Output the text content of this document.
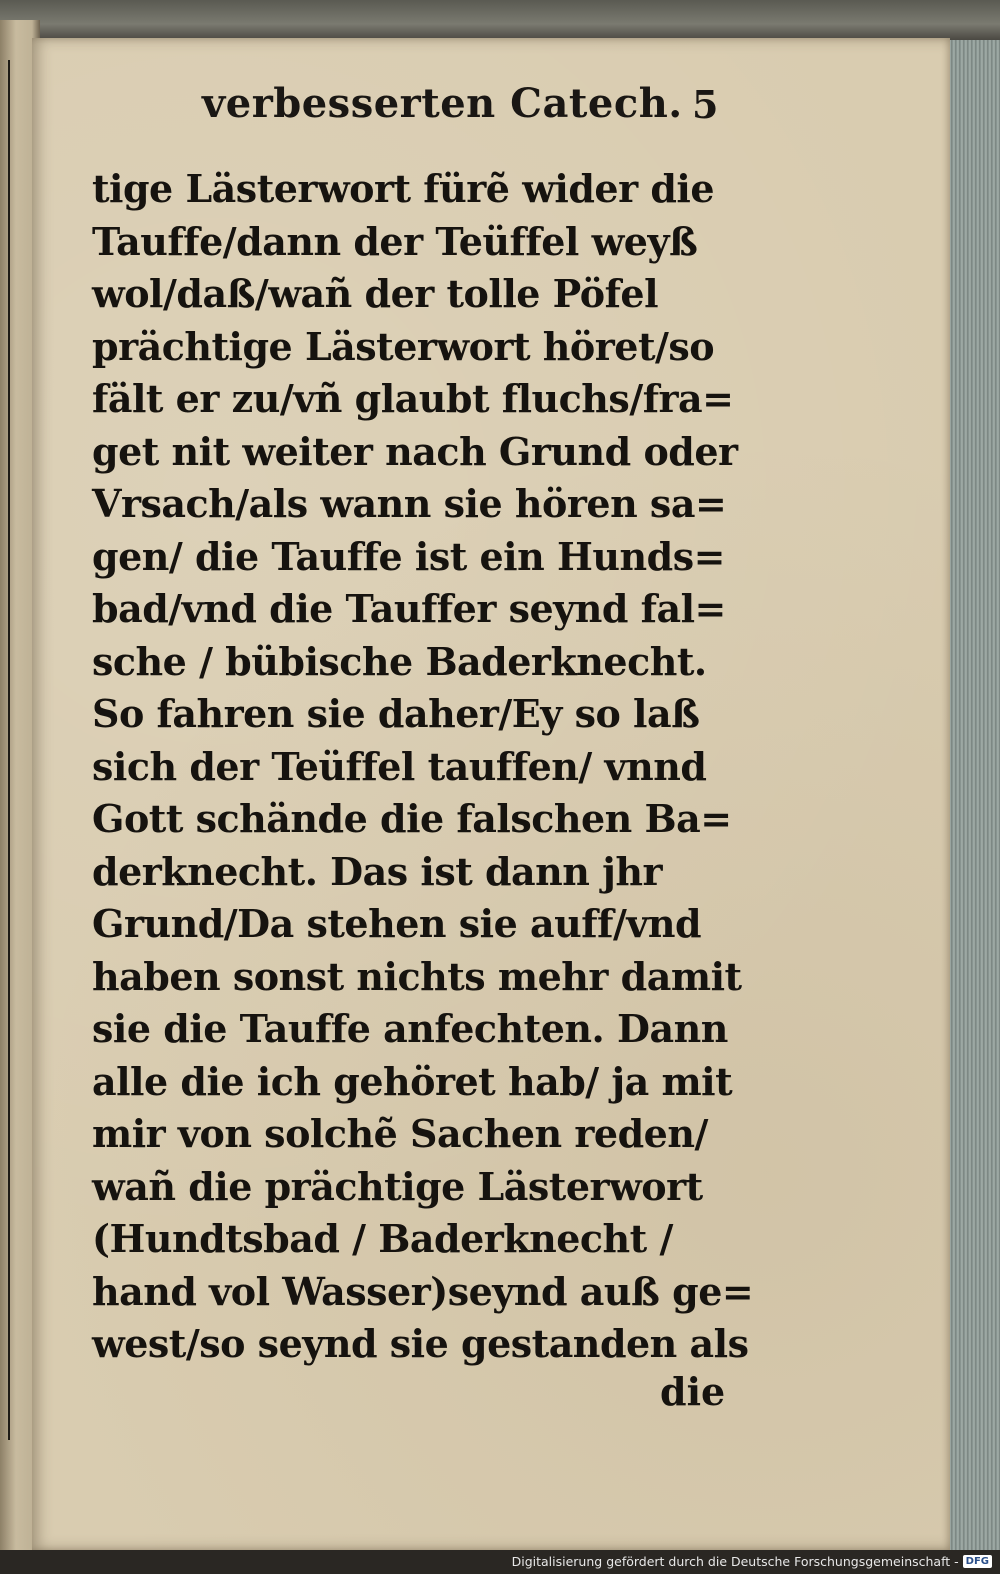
verbesserten Catech. 5
tige Lästerwort fürẽ wider die
Tauffe/dann der Teüffel weyß
wol/daß/wañ der tolle Pöfel
prächtige Lästerwort höret/so
fält er zu/vñ glaubt fluchs/fra=
get nit weiter nach Grund oder
Vrsach/als wann sie hören sa=
gen/ die Tauffe ist ein Hunds=
bad/vnd die Tauffer seynd fal=
sche / bübische Baderknecht.
So fahren sie daher/Ey so laß
sich der Teüffel tauffen/ vnnd
Gott schände die falschen Ba=
derknecht. Das ist dann jhr
Grund/Da stehen sie auff/vnd
haben sonst nichts mehr damit
sie die Tauffe anfechten. Dann
alle die ich gehöret hab/ ja mit
mir von solchẽ Sachen reden/
wañ die prächtige Lästerwort
(Hundtsbad / Baderknecht /
hand vol Wasser)seynd auß ge=
west/so seynd sie gestanden als
die
Digitalisierung gefördert durch die Deutsche Forschungsgemeinschaft - DFG
